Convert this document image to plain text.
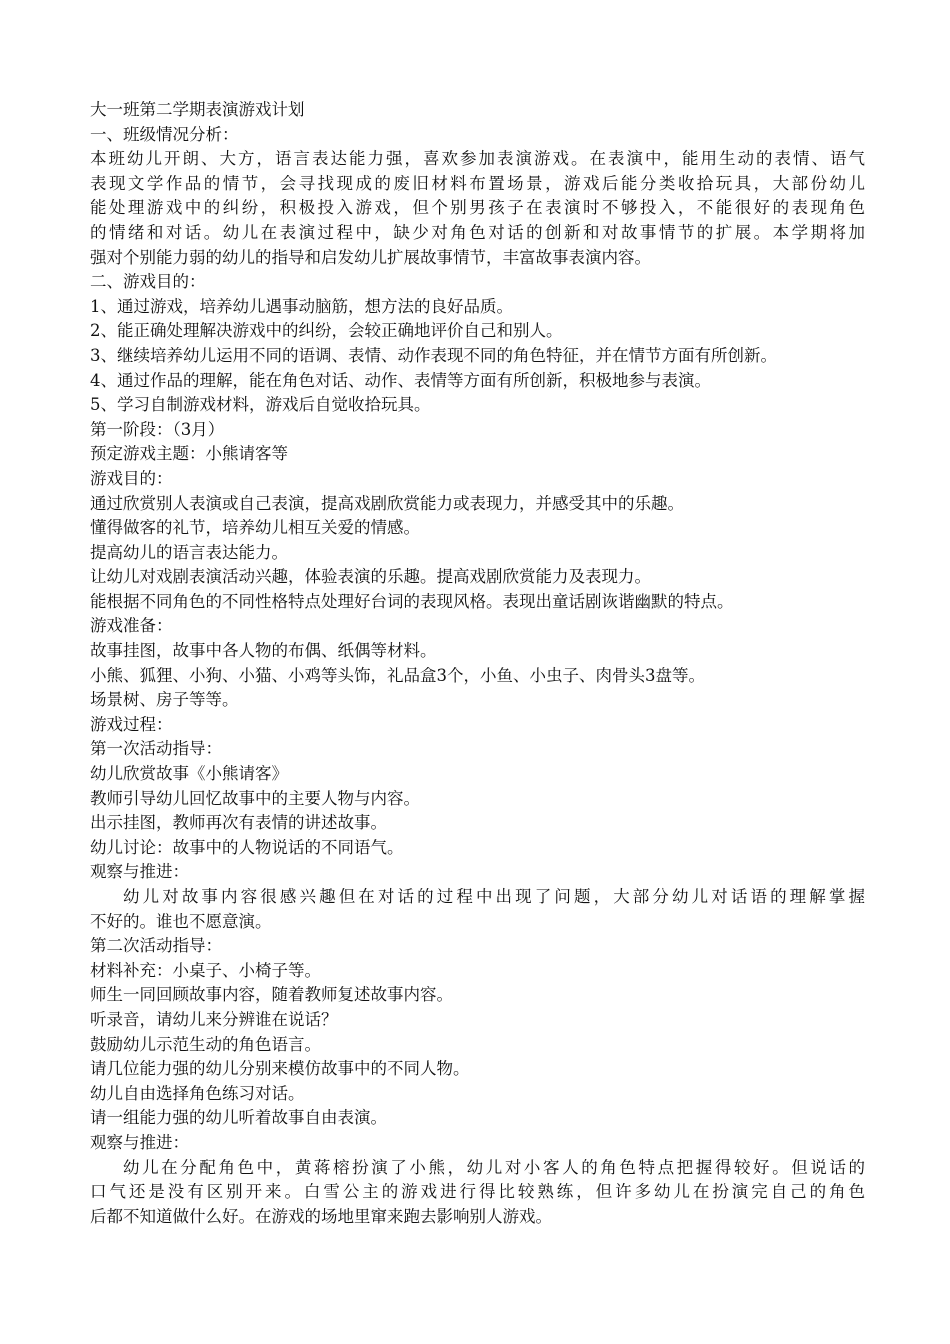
大一班第二学期表演游戏计划
一、班级情况分析：
本班幼儿开朗、大方，语言表达能力强，喜欢参加表演游戏。在表演中，能用生动的表情、语气
表现文学作品的情节，会寻找现成的废旧材料布置场景，游戏后能分类收拾玩具，大部份幼儿
能处理游戏中的纠纷，积极投入游戏，但个别男孩子在表演时不够投入，不能很好的表现角色
的情绪和对话。幼儿在表演过程中，缺少对角色对话的创新和对故事情节的扩展。本学期将加
强对个别能力弱的幼儿的指导和启发幼儿扩展故事情节，丰富故事表演内容。
二、游戏目的：
1、通过游戏，培养幼儿遇事动脑筋，想方法的良好品质。
2、能正确处理解决游戏中的纠纷，会较正确地评价自己和别人。
3、继续培养幼儿运用不同的语调、表情、动作表现不同的角色特征，并在情节方面有所创新。
4、通过作品的理解，能在角色对话、动作、表情等方面有所创新，积极地参与表演。
5、学习自制游戏材料，游戏后自觉收拾玩具。
第一阶段：（3月）
预定游戏主题：小熊请客等
游戏目的：
通过欣赏别人表演或自己表演，提高戏剧欣赏能力或表现力，并感受其中的乐趣。
懂得做客的礼节，培养幼儿相互关爱的情感。
提高幼儿的语言表达能力。
让幼儿对戏剧表演活动兴趣，体验表演的乐趣。提高戏剧欣赏能力及表现力。
能根据不同角色的不同性格特点处理好台词的表现风格。表现出童话剧诙谐幽默的特点。
游戏准备：
故事挂图，故事中各人物的布偶、纸偶等材料。
小熊、狐狸、小狗、小猫、小鸡等头饰，礼品盒3个，小鱼、小虫子、肉骨头3盘等。
场景树、房子等等。
游戏过程：
第一次活动指导：
幼儿欣赏故事《小熊请客》
教师引导幼儿回忆故事中的主要人物与内容。
出示挂图，教师再次有表情的讲述故事。
幼儿讨论：故事中的人物说话的不同语气。
观察与推进：
幼儿对故事内容很感兴趣但在对话的过程中出现了问题，大部分幼儿对话语的理解掌握
不好的。谁也不愿意演。
第二次活动指导：
材料补充：小桌子、小椅子等。
师生一同回顾故事内容，随着教师复述故事内容。
听录音，请幼儿来分辨谁在说话？
鼓励幼儿示范生动的角色语言。
请几位能力强的幼儿分别来模仿故事中的不同人物。
幼儿自由选择角色练习对话。
请一组能力强的幼儿听着故事自由表演。
观察与推进：
幼儿在分配角色中，黄蒋榕扮演了小熊，幼儿对小客人的角色特点把握得较好。但说话的
口气还是没有区别开来。白雪公主的游戏进行得比较熟练，但许多幼儿在扮演完自己的角色
后都不知道做什么好。在游戏的场地里窜来跑去影响别人游戏。
